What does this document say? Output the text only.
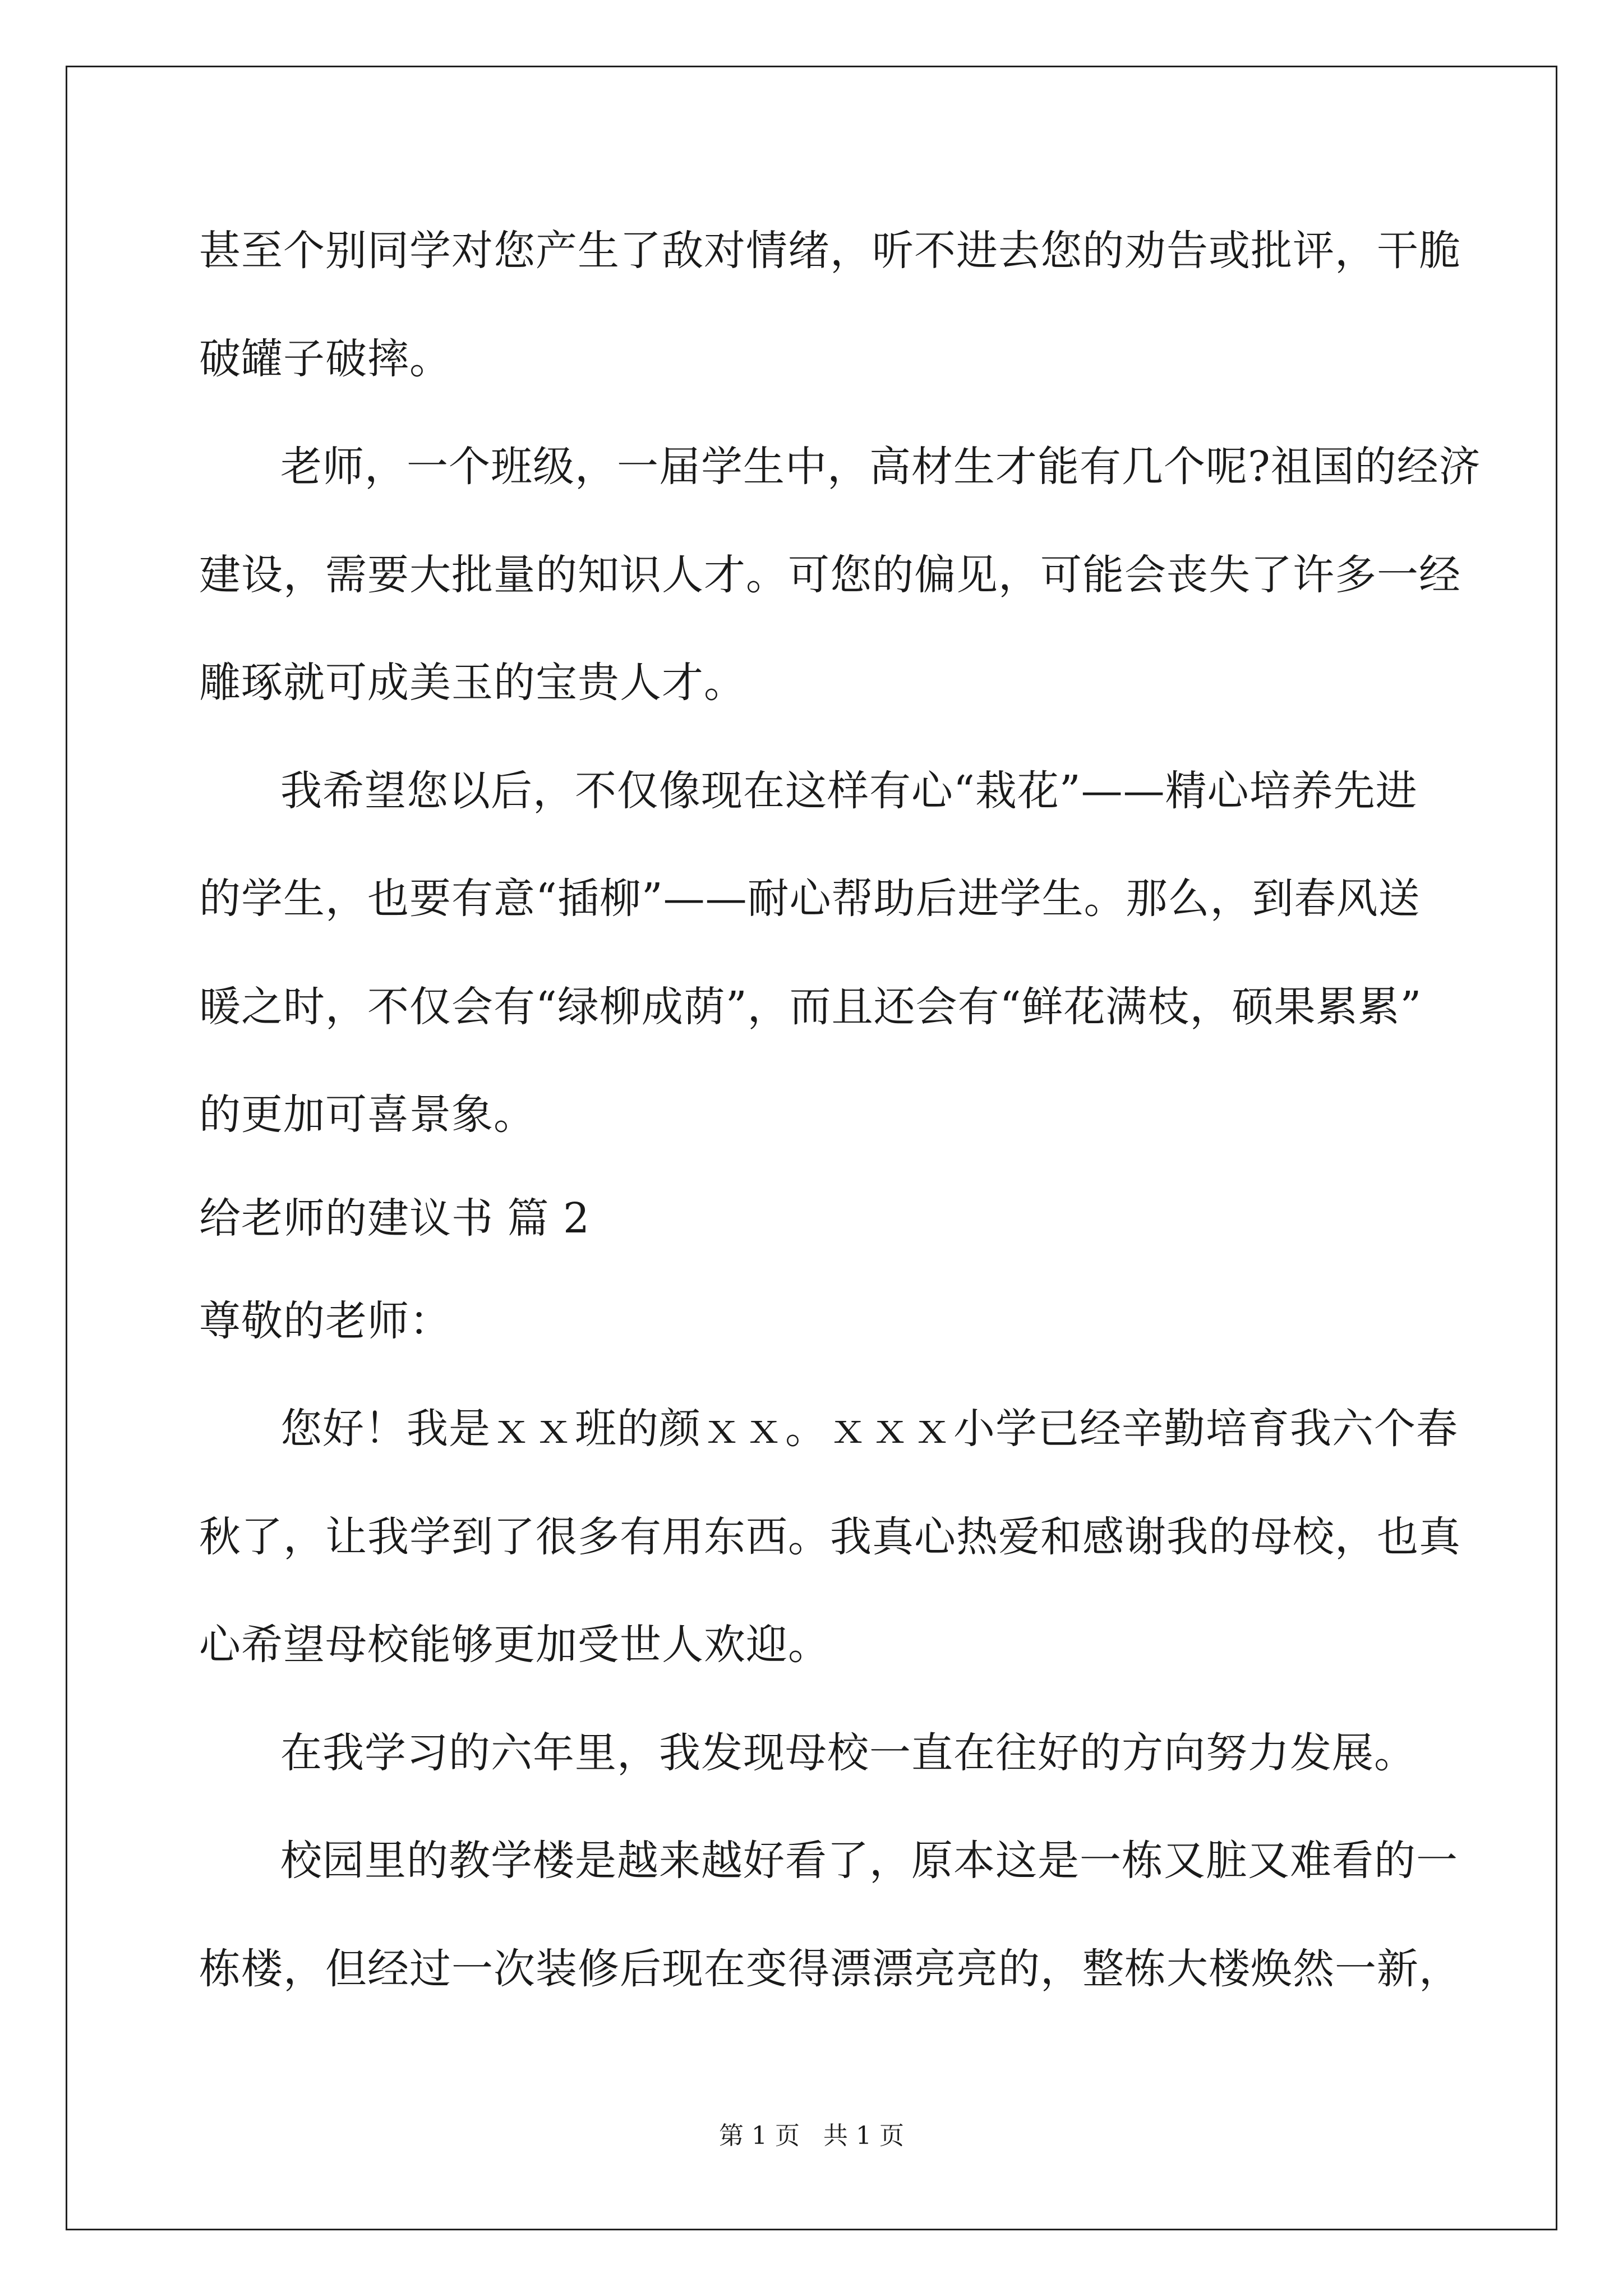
甚至个别同学对您产生了敌对情绪，听不进去您的劝告或批评，干脆
破罐子破摔。
老师，一个班级，一届学生中，高材生才能有几个呢?祖国的经济
建设，需要大批量的知识人才。可您的偏见，可能会丧失了许多一经
雕琢就可成美玉的宝贵人才。
我希望您以后，不仅像现在这样有心“栽花”——精心培养先进
的学生，也要有意“插柳”——耐心帮助后进学生。那么，到春风送
暖之时，不仅会有“绿柳成荫”，而且还会有“鲜花满枝，硕果累累”
的更加可喜景象。
给老师的建议书 篇 2
尊敬的老师：
您好！我是ｘｘ班的颜ｘｘ。ｘｘｘ小学已经辛勤培育我六个春
秋了，让我学到了很多有用东西。我真心热爱和感谢我的母校，也真
心希望母校能够更加受世人欢迎。
在我学习的六年里，我发现母校一直在往好的方向努力发展。
校园里的教学楼是越来越好看了，原本这是一栋又脏又难看的一
栋楼，但经过一次装修后现在变得漂漂亮亮的，整栋大楼焕然一新，
第 1 页   共 1 页
